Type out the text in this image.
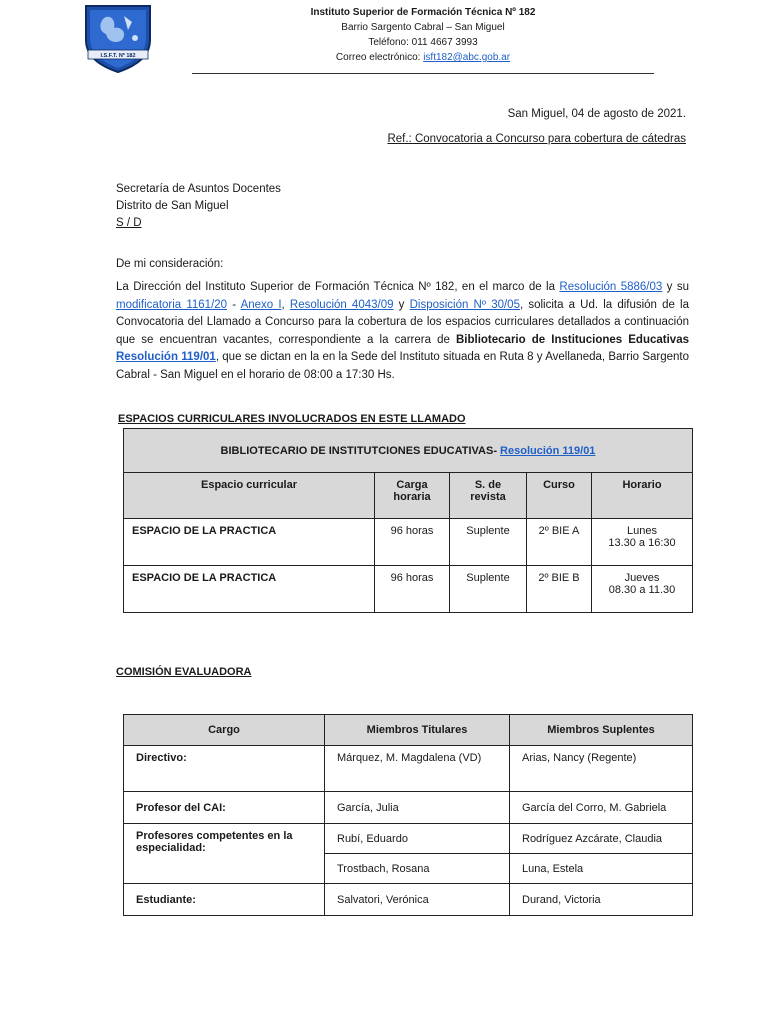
I.S.F.T. Nº 182
Instituto Superior de Formación Técnica Nº 182
Barrio Sargento Cabral – San Miguel
Teléfono: 011 4667 3993
Correo electrónico: isft182@abc.gob.ar
San Miguel, 04 de agosto de 2021.
Ref.: Convocatoria a Concurso para cobertura de cátedras
Secretaría de Asuntos Docentes
Distrito de San Miguel
S / D
De mi consideración:
La Dirección del Instituto Superior de Formación Técnica Nº 182, en el marco de la Resolución 5886/03 y su modificatoria 1161/20 - Anexo I, Resolución 4043/09 y Disposición Nº 30/05, solicita a Ud. la difusión de la Convocatoria del Llamado a Concurso para la cobertura de los espacios curriculares detallados a continuación que se encuentran vacantes, correspondiente a la carrera de Bibliotecario de Instituciones Educativas Resolución 119/01, que se dictan en la en la Sede del Instituto situada en Ruta 8 y Avellaneda, Barrio Sargento Cabral - San Miguel en el horario de 08:00 a 17:30 Hs.
ESPACIOS CURRICULARES INVOLUCRADOS EN ESTE LLAMADO
BIBLIOTECARIO DE INSTITUTCIONES EDUCATIVAS- Resolución 119/01				
Espacio curricular	Carga horaria	S. de revista	Curso	Horario
ESPACIO DE LA PRACTICA	96 horas	Suplente	2º BIE A	Lunes
13.30 a 16:30

ESPACIO DE LA PRACTICA	96 horas	Suplente	2º BIE B	Jueves
08.30 a 11.30
COMISIÓN EVALUADORA
Cargo	Miembros Titulares	Miembros Suplentes
Directivo:	Márquez, M. Magdalena (VD)	Arias, Nancy (Regente)
Profesor del CAI:	García, Julia	García del Corro, M. Gabriela
Profesores competentes en la especialidad:	Rubí, Eduardo	Rodríguez Azcárate, Claudia
	Trostbach, Rosana	Luna, Estela
Estudiante:	Salvatori, Verónica	Durand, Victoria
